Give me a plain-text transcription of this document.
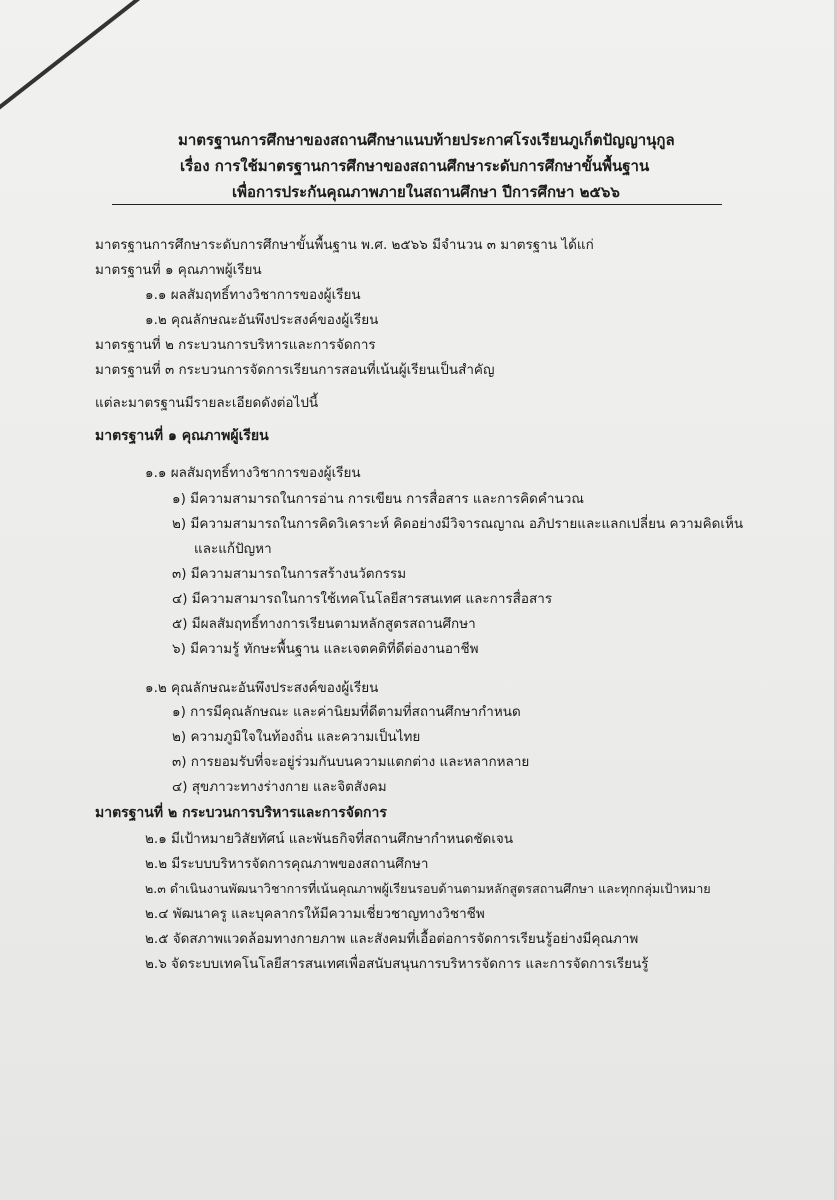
มาตรฐานการศึกษาของสถานศึกษาแนบท้ายประกาศโรงเรียนภูเก็ตปัญญานุกูล
เรื่อง การใช้มาตรฐานการศึกษาของสถานศึกษาระดับการศึกษาขั้นพื้นฐาน
เพื่อการประกันคุณภาพภายในสถานศึกษา ปีการศึกษา ๒๕๖๖
มาตรฐานการศึกษาระดับการศึกษาขั้นพื้นฐาน พ.ศ. ๒๕๖๖ มีจำนวน ๓ มาตรฐาน ได้แก่
มาตรฐานที่ ๑ คุณภาพผู้เรียน
๑.๑ ผลสัมฤทธิ์ทางวิชาการของผู้เรียน
๑.๒ คุณลักษณะอันพึงประสงค์ของผู้เรียน
มาตรฐานที่ ๒ กระบวนการบริหารและการจัดการ
มาตรฐานที่ ๓ กระบวนการจัดการเรียนการสอนที่เน้นผู้เรียนเป็นสำคัญ
แต่ละมาตรฐานมีรายละเอียดดังต่อไปนี้
มาตรฐานที่ ๑ คุณภาพผู้เรียน
๑.๑ ผลสัมฤทธิ์ทางวิชาการของผู้เรียน
๑) มีความสามารถในการอ่าน การเขียน การสื่อสาร และการคิดคำนวณ
๒) มีความสามารถในการคิดวิเคราะห์ คิดอย่างมีวิจารณญาณ อภิปรายและแลกเปลี่ยน ความคิดเห็น
และแก้ปัญหา
๓) มีความสามารถในการสร้างนวัตกรรม
๔) มีความสามารถในการใช้เทคโนโลยีสารสนเทศ และการสื่อสาร
๕) มีผลสัมฤทธิ์ทางการเรียนตามหลักสูตรสถานศึกษา
๖) มีความรู้ ทักษะพื้นฐาน และเจตคติที่ดีต่องานอาชีพ
๑.๒ คุณลักษณะอันพึงประสงค์ของผู้เรียน
๑) การมีคุณลักษณะ และค่านิยมที่ดีตามที่สถานศึกษากำหนด
๒) ความภูมิใจในท้องถิ่น และความเป็นไทย
๓) การยอมรับที่จะอยู่ร่วมกันบนความแตกต่าง และหลากหลาย
๔) สุขภาวะทางร่างกาย และจิตสังคม
มาตรฐานที่ ๒ กระบวนการบริหารและการจัดการ
๒.๑ มีเป้าหมายวิสัยทัศน์ และพันธกิจที่สถานศึกษากำหนดชัดเจน
๒.๒ มีระบบบริหารจัดการคุณภาพของสถานศึกษา
๒.๓ ดำเนินงานพัฒนาวิชาการที่เน้นคุณภาพผู้เรียนรอบด้านตามหลักสูตรสถานศึกษา และทุกกลุ่มเป้าหมาย
๒.๔ พัฒนาครู และบุคลากรให้มีความเชี่ยวชาญทางวิชาชีพ
๒.๕ จัดสภาพแวดล้อมทางกายภาพ และสังคมที่เอื้อต่อการจัดการเรียนรู้อย่างมีคุณภาพ
๒.๖ จัดระบบเทคโนโลยีสารสนเทศเพื่อสนับสนุนการบริหารจัดการ และการจัดการเรียนรู้
